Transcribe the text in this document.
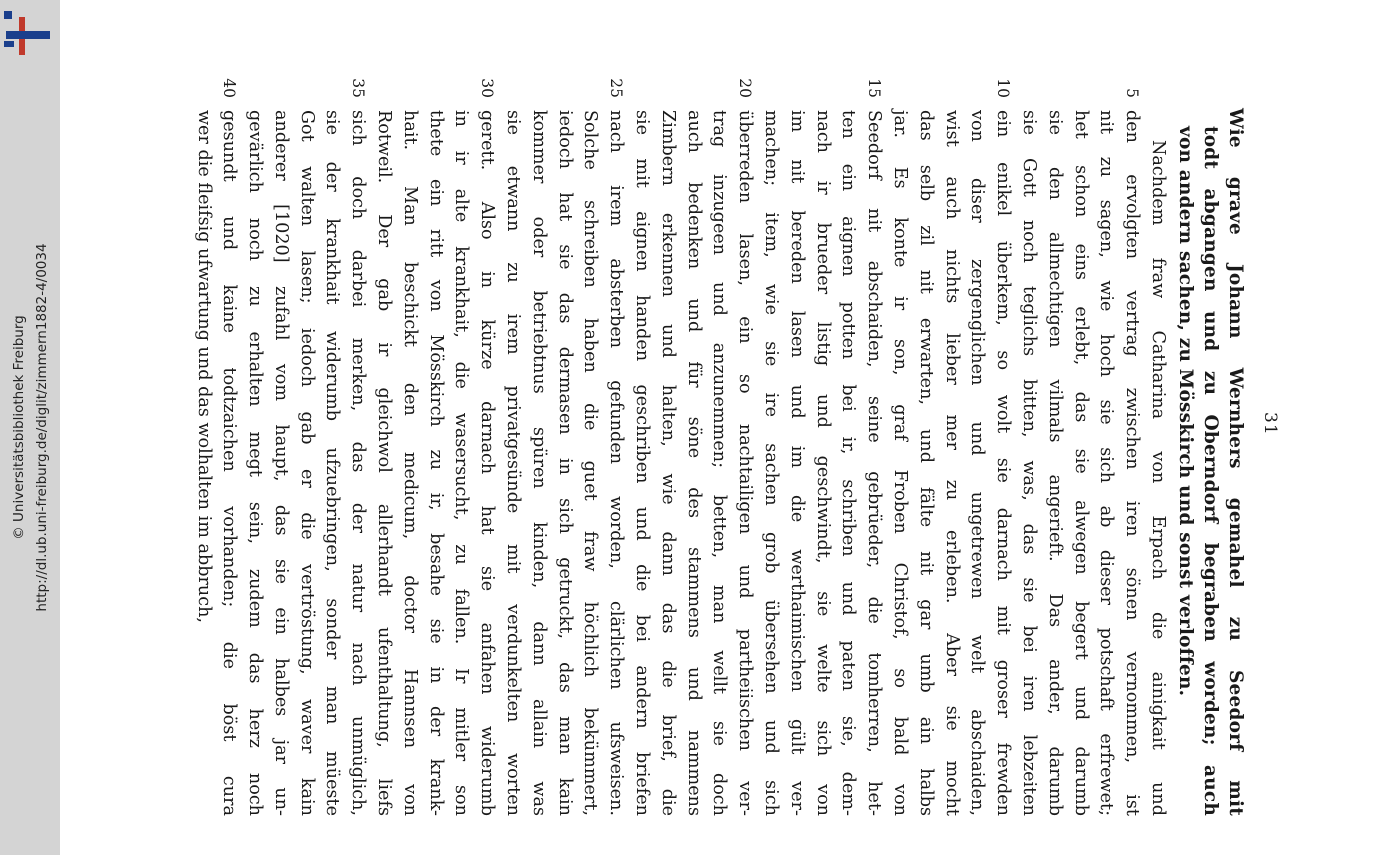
http://dl.ub.uni-freiburg.de/diglit/zimmern1882-4/0034
© Universitätsbibliothek Freiburg	31
Wie grave Johann Wernhers gemahel zu Seedorf mit
todt abgangen und zu Oberndorf begraben worden; auch
von andern sachen, zu Mösskirch und sonst verloffen.
Nachdem fraw Catharina von Erpach die ainigkait und
5
den ervolgten vertrag zwischen iren sönen vernommen, ist
nit zu sagen, wie hoch sie sich ab dieser potschaft erfrewet;
het schon eins erlebt, das sie alwegen begert und darumb
sie den allmechtigen vilmals angerieft. Das ander, darumb
sie Gott noch teglichs bitten, was, das sie bei iren lebzeiten
10
ein enikel überkem, so wolt sie darnach mit groser frewden
von diser zergenglichen und ungetrewen welt abschaiden,
wist auch nichts lieber mer zu erleben. Aber sie mocht
das selb zil nit erwarten, und fälte nit gar umb ain halbs
jar. Es konte ir son, graf Froben Christof, so bald von
15
Seedorf nit abschaiden, seine gebrüeder, die tomherren, het-
ten ein aignen potten bei ir, schriben und paten sie, dem-
nach ir brueder listig und geschwindt, sie welte sich von
im nit bereden lasen und im die werthaimischen gült ver-
machen; item, wie sie ire sachen grob übersehen und sich
20
überreden lasen, ein so nachtailigen und partheiischen ver-
trag inzugeen und anzunemmen; betten, man wellt sie doch
auch bedenken und für söne des stammens und nammens
Zimbern erkennen und halten, wie dann das die brief, die
sie mit aignen handen geschriben und die bei andern briefen
25
nach irem absterben gefunden worden, clärlichen ufsweisen.
Solche schreiben haben die guet fraw höchlich bekümmert,
iedoch hat sie das dermasen in sich getruckt, das man kain
kommer oder betriebtnus spüren kinden, dann allain was
sie etwann zu irem privatgesünde mit verdunkelten worten
30
gerett. Also in kürze darnach hat sie anfahen widerumb
in ir alte krankhait, die wasersucht, zu fallen. Ir mitler son
thete ein ritt von Mösskirch zu ir, besahe sie in der krank-
hait. Man beschickt den medicum, doctor Hannsen von
Rotweil. Der gab ir gleichwol allerhandt ufenthaltung, liefs
35
sich doch darbei merken, das der natur nach unmüglich,
sie der krankhait widerumb ufzuebringen, sonder man müeste
Got walten lasen; iedoch gab er die vertröstung, waver kain
anderer [1020] zufahl vom haupt, das sie ein halbes jar un-
gevärlich noch zu erhalten megt sein, zudem das herz noch
40
gesundt und kaine todtzaichen vorhanden; die böst cura
wer die fleifsig ufwartung und das wolhalten im abbruch,
